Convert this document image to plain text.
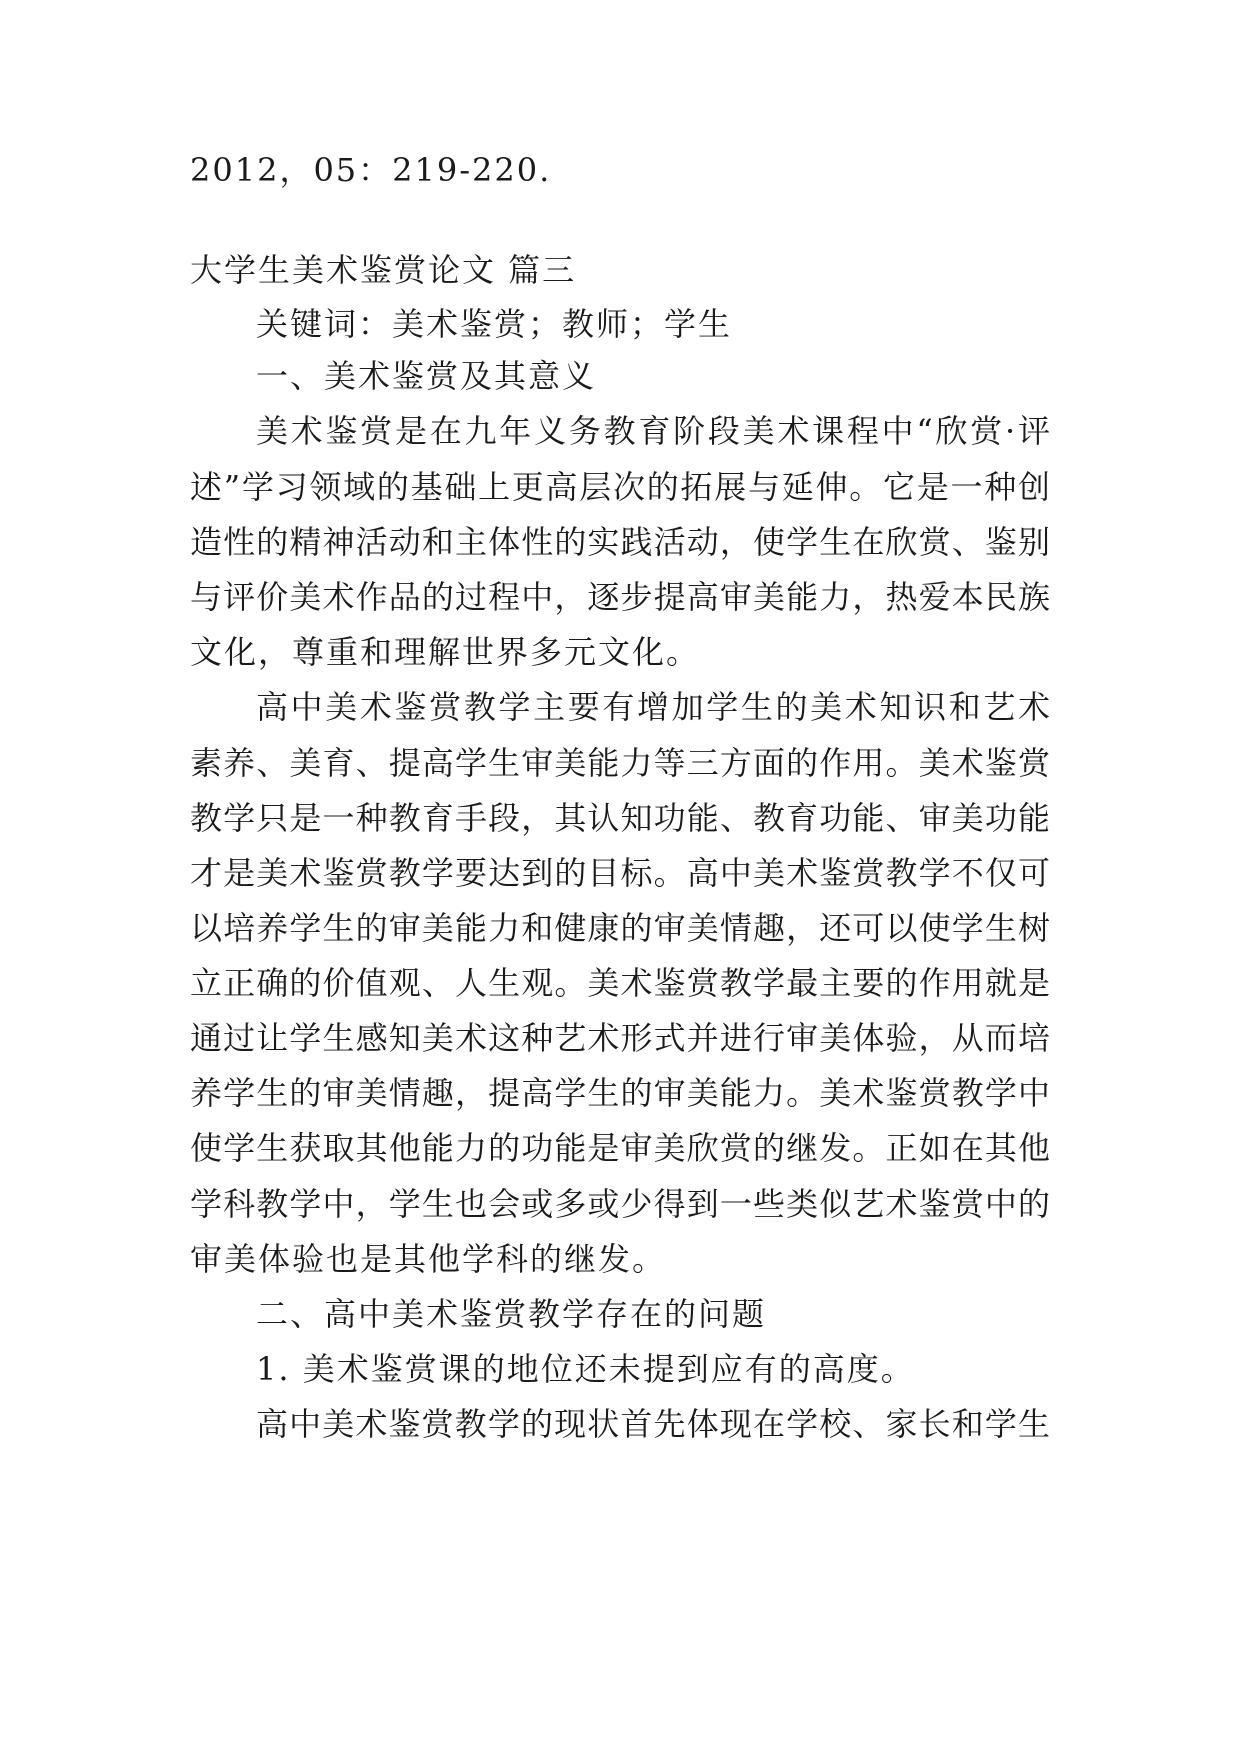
2012，05：219-220.
大学生美术鉴赏论文 篇三
关键词：美术鉴赏；教师；学生
一、美术鉴赏及其意义
美术鉴赏是在九年义务教育阶段美术课程中“欣赏·评
述”学习领域的基础上更高层次的拓展与延伸。它是一种创
造性的精神活动和主体性的实践活动，使学生在欣赏、鉴别
与评价美术作品的过程中，逐步提高审美能力，热爱本民族
文化，尊重和理解世界多元文化。
高中美术鉴赏教学主要有增加学生的美术知识和艺术
素养、美育、提高学生审美能力等三方面的作用。美术鉴赏
教学只是一种教育手段，其认知功能、教育功能、审美功能
才是美术鉴赏教学要达到的目标。高中美术鉴赏教学不仅可
以培养学生的审美能力和健康的审美情趣，还可以使学生树
立正确的价值观、人生观。美术鉴赏教学最主要的作用就是
通过让学生感知美术这种艺术形式并进行审美体验，从而培
养学生的审美情趣，提高学生的审美能力。美术鉴赏教学中
使学生获取其他能力的功能是审美欣赏的继发。正如在其他
学科教学中，学生也会或多或少得到一些类似艺术鉴赏中的
审美体验也是其他学科的继发。
二、高中美术鉴赏教学存在的问题
1. 美术鉴赏课的地位还未提到应有的高度。
高中美术鉴赏教学的现状首先体现在学校、家长和学生
